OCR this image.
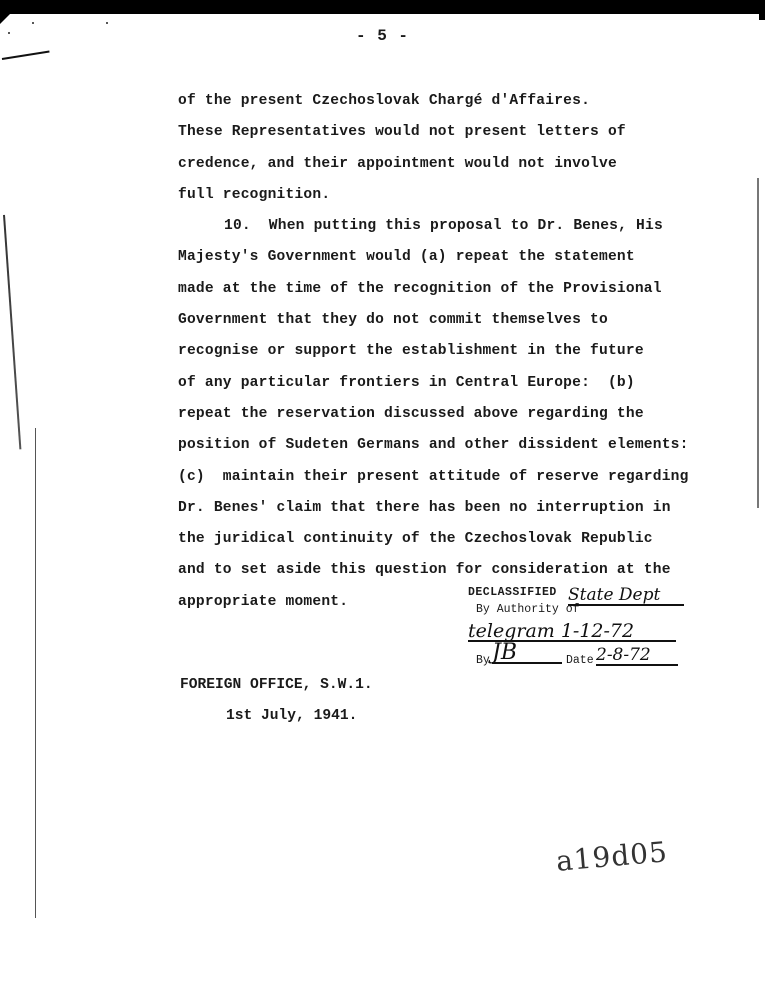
- 5 -
of the present Czechoslovak Chargé d'Affaires.
These Representatives would not present letters of
credence, and their appointment would not involve
full recognition.
10.  When putting this proposal to Dr. Benes, His
Majesty's Government would (a) repeat the statement
made at the time of the recognition of the Provisional
Government that they do not commit themselves to
recognise or support the establishment in the future
of any particular frontiers in Central Europe:  (b)
repeat the reservation discussed above regarding the
position of Sudeten Germans and other dissident elements:
(c)  maintain their present attitude of reserve regarding
Dr. Benes' claim that there has been no interruption in
the juridical continuity of the Czechoslovak Republic
and to set aside this question for consideration at the
appropriate moment.
DECLASSIFIED
By Authority of
State Dept
telegram 1-12-72
By JB	Date 2-8-72
FOREIGN OFFICE, S.W.1.
1st July, 1941.
a19d05
